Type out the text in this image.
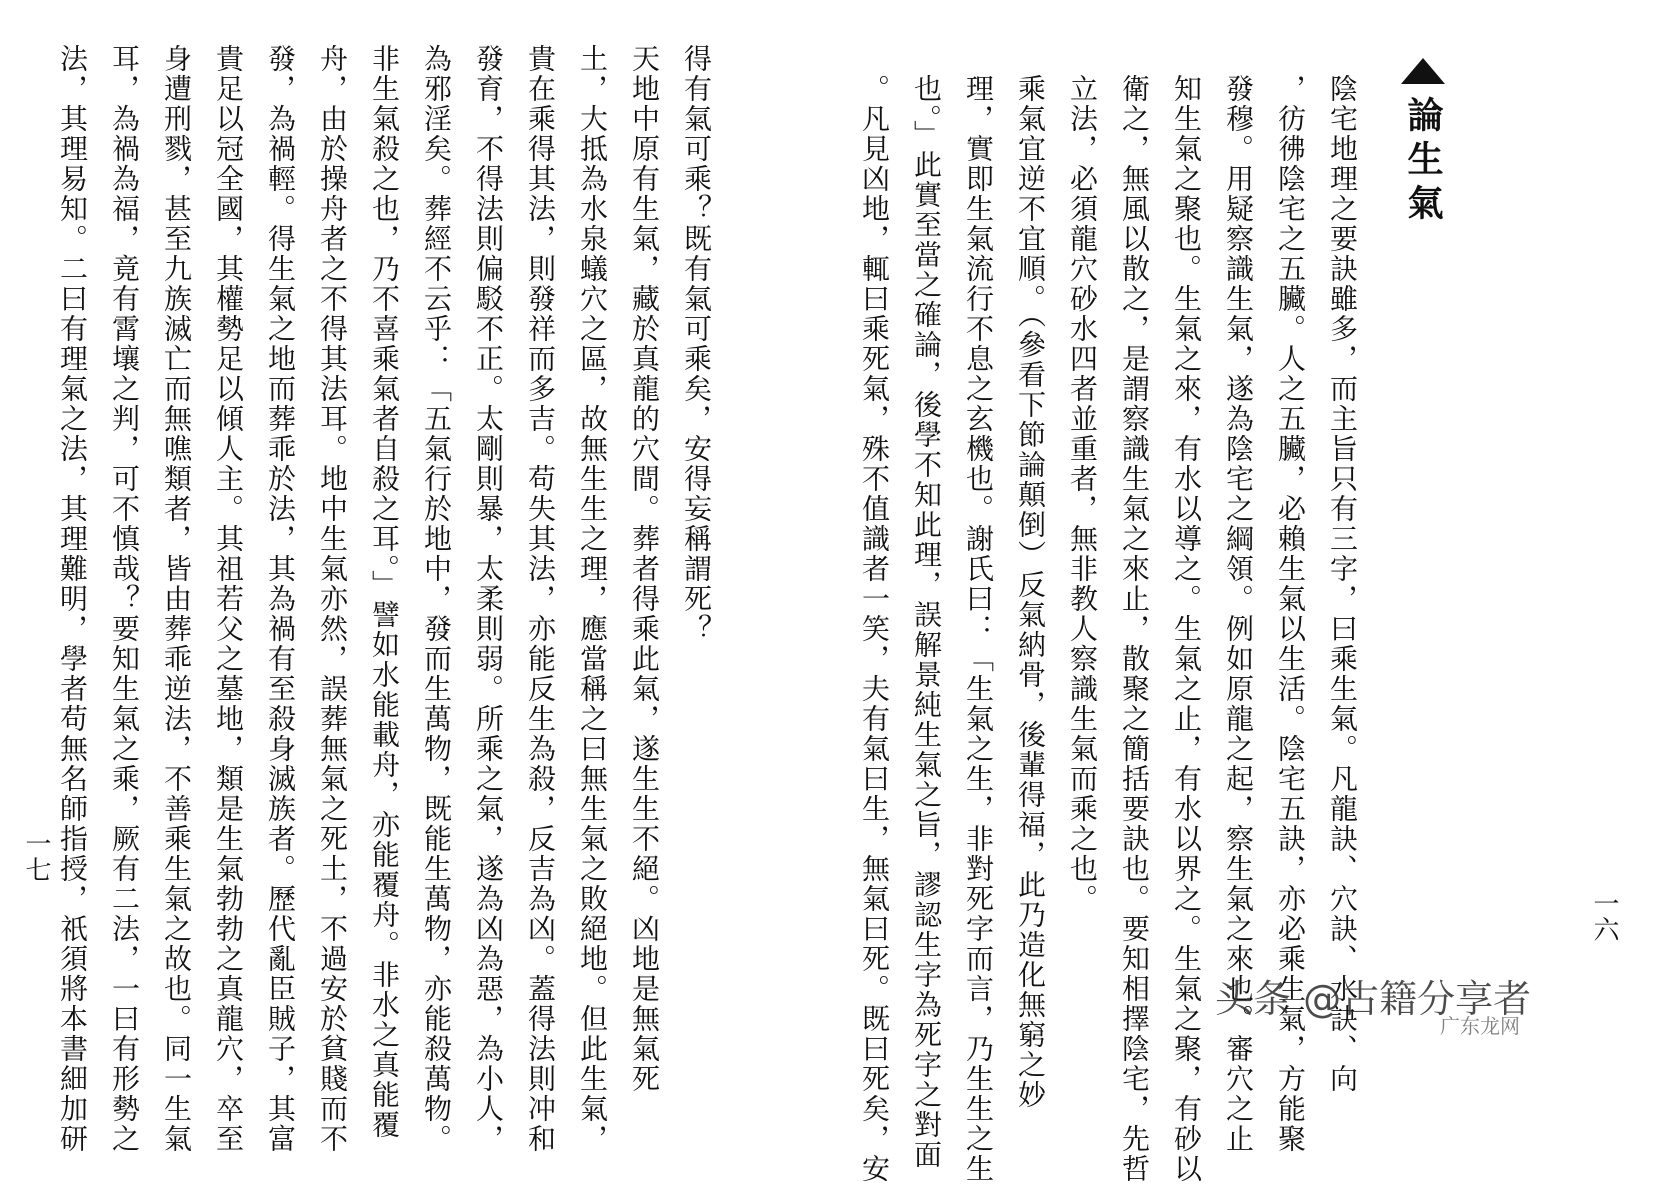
論生氣
陰宅地理之要訣雖多，而主旨只有三字，曰乘生氣。凡龍訣、穴訣、水訣、向
，彷彿陰宅之五臟。人之五臟，必賴生氣以生活。陰宅五訣，亦必乘生氣，方能聚
發穆。用疑察識生氣，遂為陰宅之綱領。例如原龍之起，察生氣之來也。審穴之止
知生氣之聚也。生氣之來，有水以導之。生氣之止，有水以界之。生氣之聚，有砂以
衛之，無風以散之，是謂察識生氣之來止，散聚之簡括要訣也。要知相擇陰宅，先哲
立法，必須龍穴砂水四者並重者，無非教人察識生氣而乘之也。
乘氣宜逆不宜順。（參看下節論顛倒）反氣納骨，後輩得福，此乃造化無窮之妙
理，實即生氣流行不息之玄機也。謝氏曰：「生氣之生，非對死字而言，乃生生之生
也。」此實至當之確論，後學不知此理，誤解景純生氣之旨，謬認生字為死字之對面
。凡見凶地，輒曰乘死氣，殊不值識者一笑，夫有氣曰生，無氣曰死。既曰死矣，安	一六
得有氣可乘？既有氣可乘矣，安得妄稱謂死？
天地中原有生氣，藏於真龍的穴間。葬者得乘此氣，遂生生不絕。凶地是無氣死
土，大抵為水泉蟻穴之區，故無生生之理，應當稱之曰無生氣之敗絕地。但此生氣，
貴在乘得其法，則發祥而多吉。苟失其法，亦能反生為殺，反吉為凶。蓋得法則冲和
發育，不得法則偏駁不正。太剛則暴，太柔則弱。所乘之氣，遂為凶為惡，為小人，
為邪淫矣。葬經不云乎：「五氣行於地中，發而生萬物，既能生萬物，亦能殺萬物。
非生氣殺之也，乃不喜乘氣者自殺之耳。」譬如水能載舟，亦能覆舟。非水之真能覆
舟，由於操舟者之不得其法耳。地中生氣亦然，誤葬無氣之死土，不過安於貧賤而不
發，為禍輕。得生氣之地而葬乖於法，其為禍有至殺身滅族者。歷代亂臣賊子，其富
貴足以冠全國，其權勢足以傾人主。其祖若父之墓地，類是生氣勃勃之真龍穴，卒至
身遭刑戮，甚至九族滅亡而無噍類者，皆由葬乖逆法，不善乘生氣之故也。同一生氣
耳，為禍為福，竟有霄壤之判，可不慎哉？要知生氣之乘，厥有二法，一曰有形勢之
法，其理易知。二曰有理氣之法，其理難明，學者苟無名師指授，祇須將本書細加研
一七
头条 @古籍分享者
广东龙网
